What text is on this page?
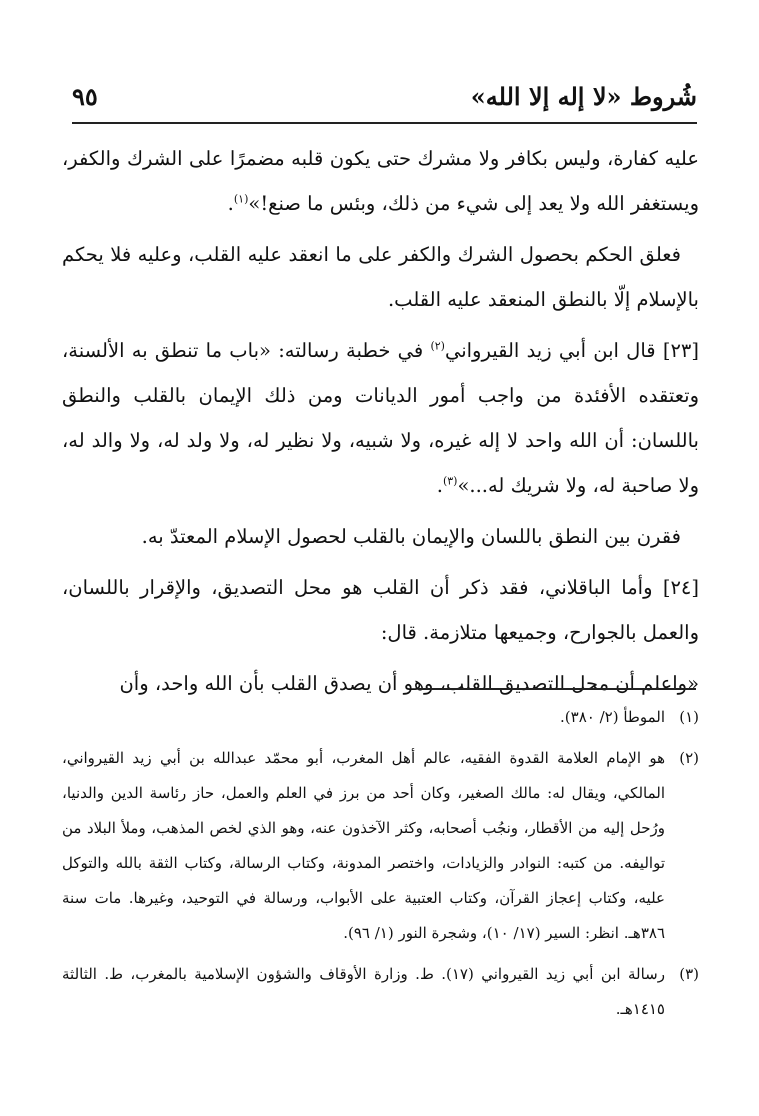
شُروط «لا إله إلا الله»
٩٥

عليه كفارة، وليس بكافر ولا مشرك حتى يكون قلبه مضمرًا على الشرك والكفر، ويستغفر الله ولا يعد إلى شيء من ذلك، وبئس ما صنع!»$^{(١)}$.

فعلق الحكم بحصول الشرك والكفر على ما انعقد عليه القلب، وعليه فلا يحكم بالإسلام إلّا بالنطق المنعقد عليه القلب.

[٢٣] قال ابن أبي زيد القيرواني$^{(٢)}$ في خطبة رسالته: «باب ما تنطق به الألسنة، وتعتقده الأفئدة من واجب أمور الديانات ومن ذلك الإيمان بالقلب والنطق باللسان: أن الله واحد لا إله غيره، ولا شبيه، ولا نظير له، ولا ولد له، ولا والد له، ولا صاحبة له، ولا شريك له...»$^{(٣)}$.

فقرن بين النطق باللسان والإيمان بالقلب لحصول الإسلام المعتدّ به.

[٢٤] وأما الباقلاني، فقد ذكر أن القلب هو محل التصديق، والإقرار باللسان، والعمل بالجوارح، وجميعها متلازمة. قال:

«واعلم أن محل التصديق القلب، وهو أن يصدق القلب بأن الله واحد، وأن

(١)
الموطأ (٢/ ٣٨٠).
(٢)
هو الإمام العلامة القدوة الفقيه، عالم أهل المغرب، أبو محمّد عبدالله بن أبي زيد القيرواني، المالكي، ويقال له: مالك الصغير، وكان أحد من برز في العلم والعمل، حاز رئاسة الدين والدنيا، ورُحل إليه من الأقطار، ونجُب أصحابه، وكثر الآخذون عنه، وهو الذي لخص المذهب، وملأ البلاد من تواليفه. من كتبه: النوادر والزيادات، واختصر المدونة، وكتاب الرسالة، وكتاب الثقة بالله والتوكل عليه، وكتاب إعجاز القرآن، وكتاب العتبية على الأبواب، ورسالة في التوحيد، وغيرها. مات سنة ٣٨٦هـ. انظر: السير (١٧/ ١٠)، وشجرة النور (١/ ٩٦).
(٣)
رسالة ابن أبي زيد القيرواني (١٧). ط. وزارة الأوقاف والشؤون الإسلامية بالمغرب، ط. الثالثة ١٤١٥هـ.
